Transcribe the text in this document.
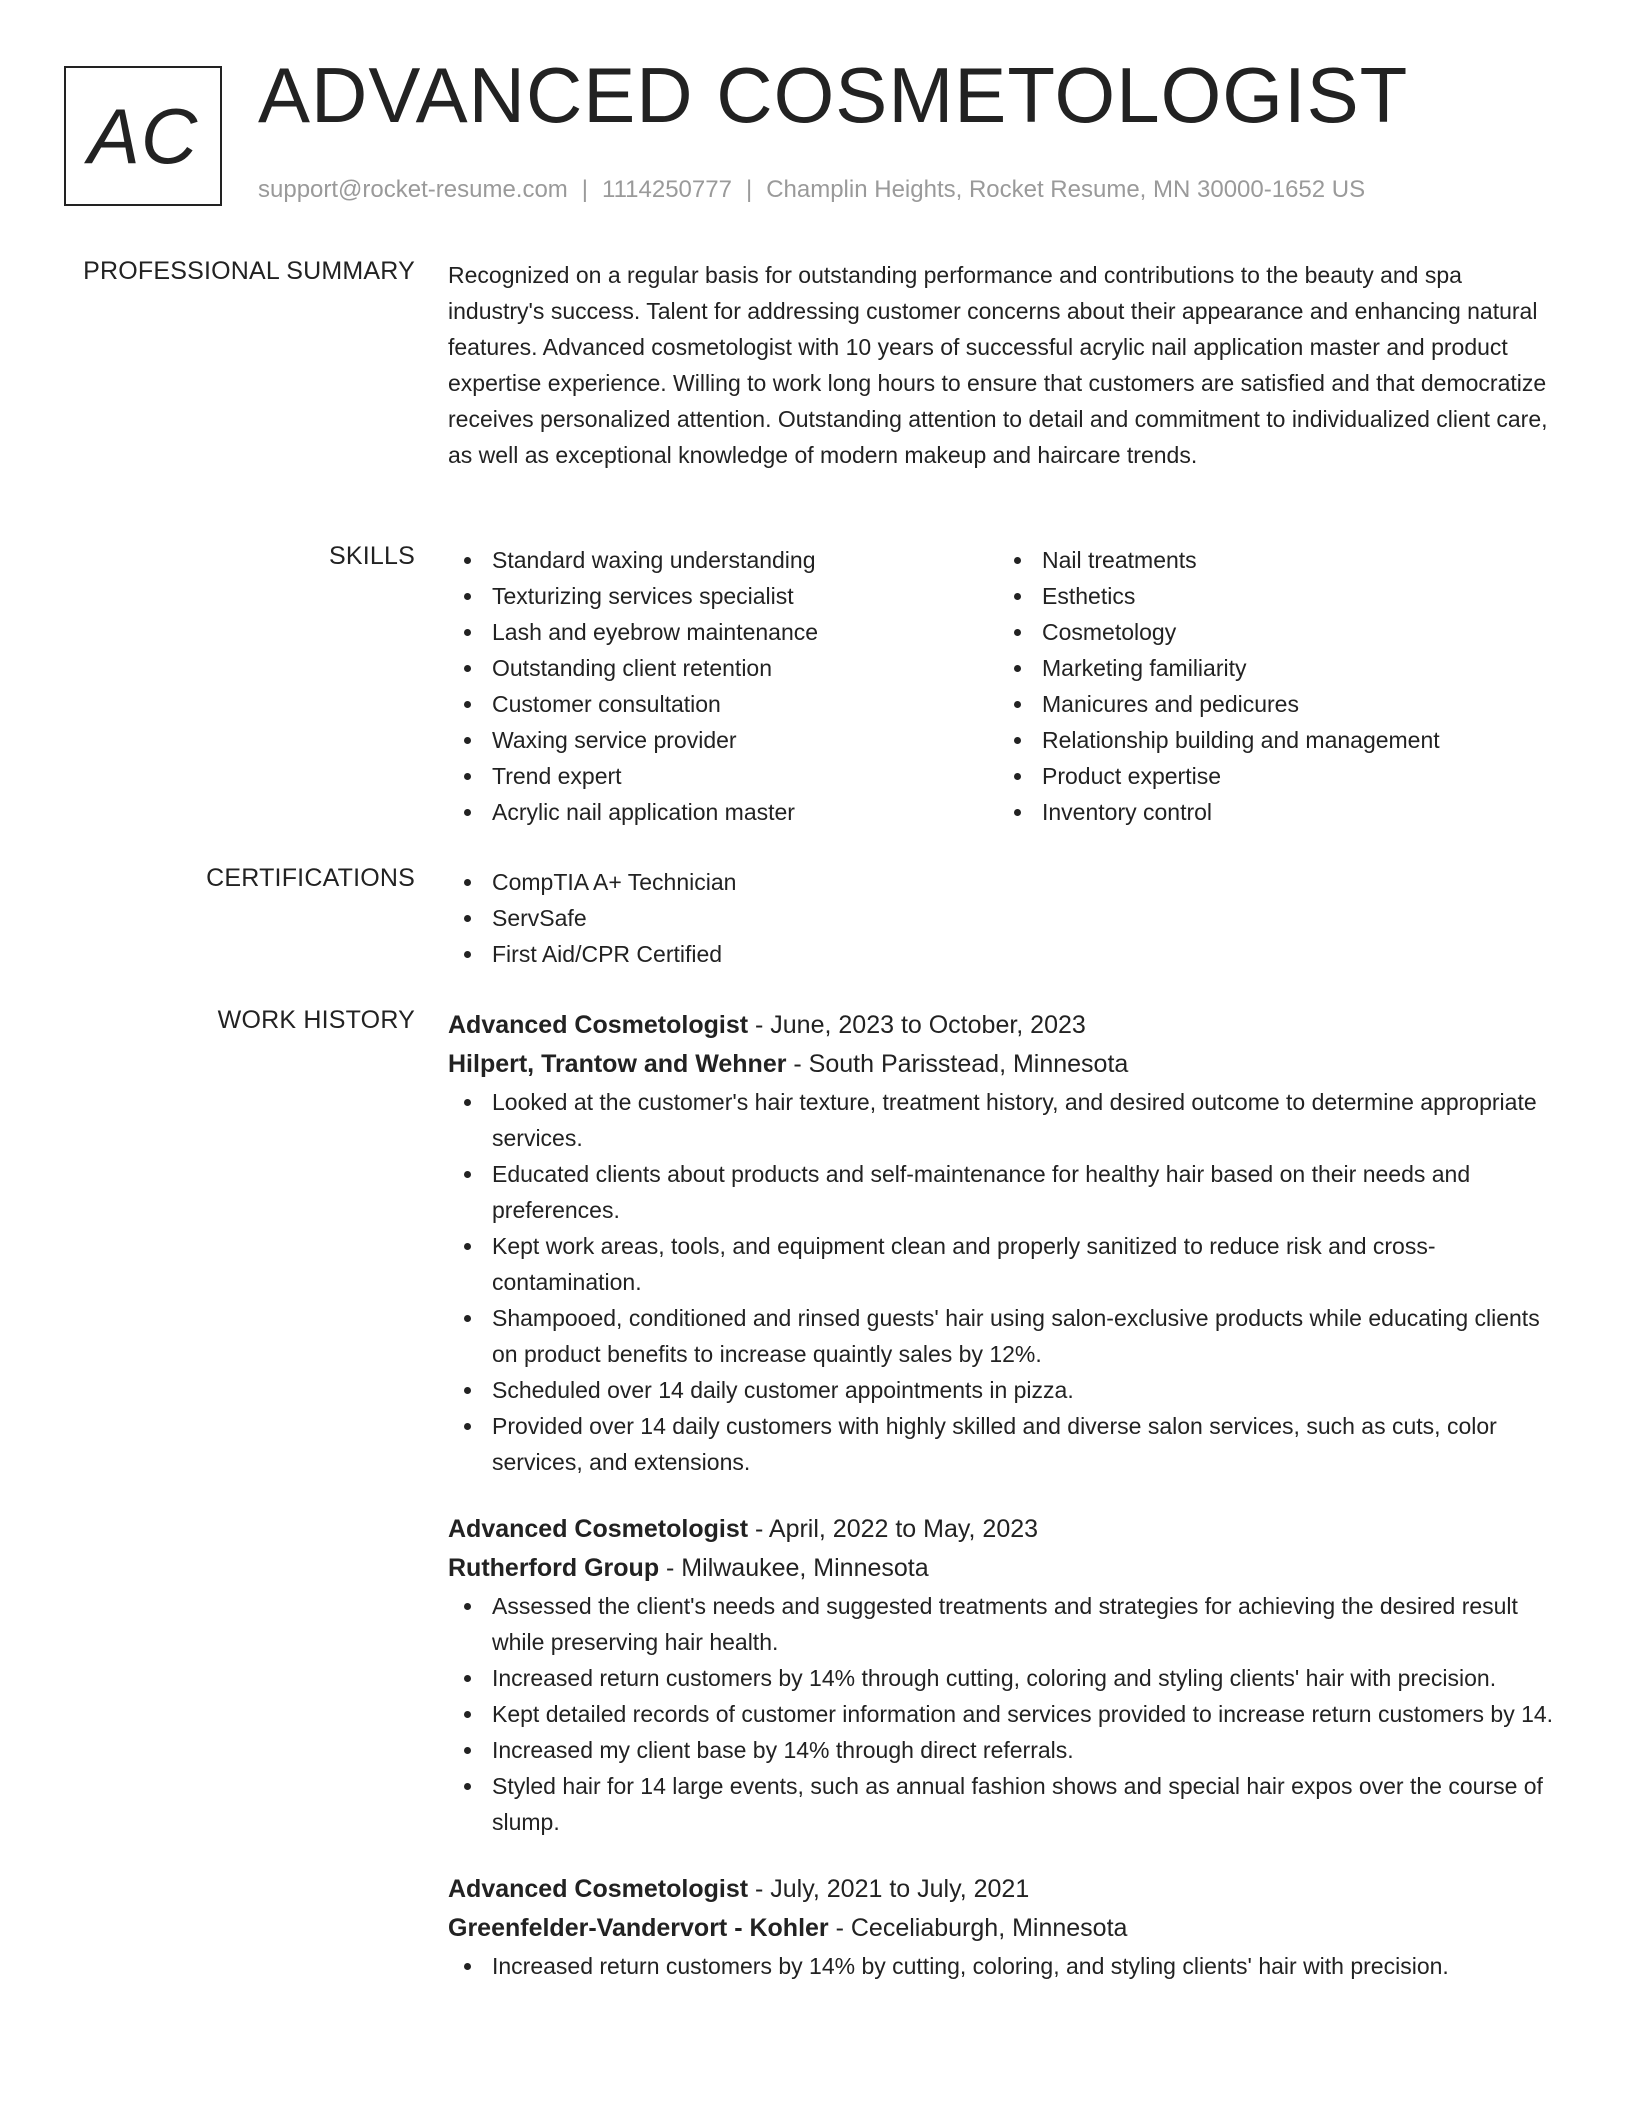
AC ADVANCED COSMETOLOGIST
support@rocket-resume.com | 1114250777 | Champlin Heights, Rocket Resume, MN 30000-1652 US
PROFESSIONAL SUMMARY Recognized on a regular basis for outstanding performance and contributions to the beauty and spa industry's success. Talent for addressing customer concerns about their appearance and enhancing natural features. Advanced cosmetologist with 10 years of successful acrylic nail application master and product expertise experience. Willing to work long hours to ensure that customers are satisfied and that democratize receives personalized attention. Outstanding attention to detail and commitment to individualized client care, as well as exceptional knowledge of modern makeup and haircare trends.

SKILLS	Standard waxing understanding
Texturizing services specialist
Lash and eyebrow maintenance
Outstanding client retention
Customer consultation
Waxing service provider
Trend expert
Acrylic nail application master
Nail treatments
Esthetics
Cosmetology
Marketing familiarity
Manicures and pedicures
Relationship building and management
Product expertise
Inventory control
CERTIFICATIONS	CompTIA A+ Technician
ServSafe
First Aid/CPR Certified
WORK HISTORY Advanced Cosmetologist - June, 2023 to October, 2023
Hilpert, Trantow and Wehner - South Parisstead, Minnesota
Looked at the customer's hair texture, treatment history, and desired outcome to determine appropriate services.
Educated clients about products and self-maintenance for healthy hair based on their needs and preferences.
Kept work areas, tools, and equipment clean and properly sanitized to reduce risk and cross-contamination.
Shampooed, conditioned and rinsed guests' hair using salon-exclusive products while educating clients on product benefits to increase quaintly sales by 12%.
Scheduled over 14 daily customer appointments in pizza.
Provided over 14 daily customers with highly skilled and diverse salon services, such as cuts, color services, and extensions.
Advanced Cosmetologist - April, 2022 to May, 2023
Rutherford Group - Milwaukee, Minnesota
Assessed the client's needs and suggested treatments and strategies for achieving the desired result while preserving hair health.
Increased return customers by 14% through cutting, coloring and styling clients' hair with precision.
Kept detailed records of customer information and services provided to increase return customers by 14.
Increased my client base by 14% through direct referrals.
Styled hair for 14 large events, such as annual fashion shows and special hair expos over the course of slump.
Advanced Cosmetologist - July, 2021 to July, 2021
Greenfelder-Vandervort - Kohler - Ceceliaburgh, Minnesota
Increased return customers by 14% by cutting, coloring, and styling clients' hair with precision.
